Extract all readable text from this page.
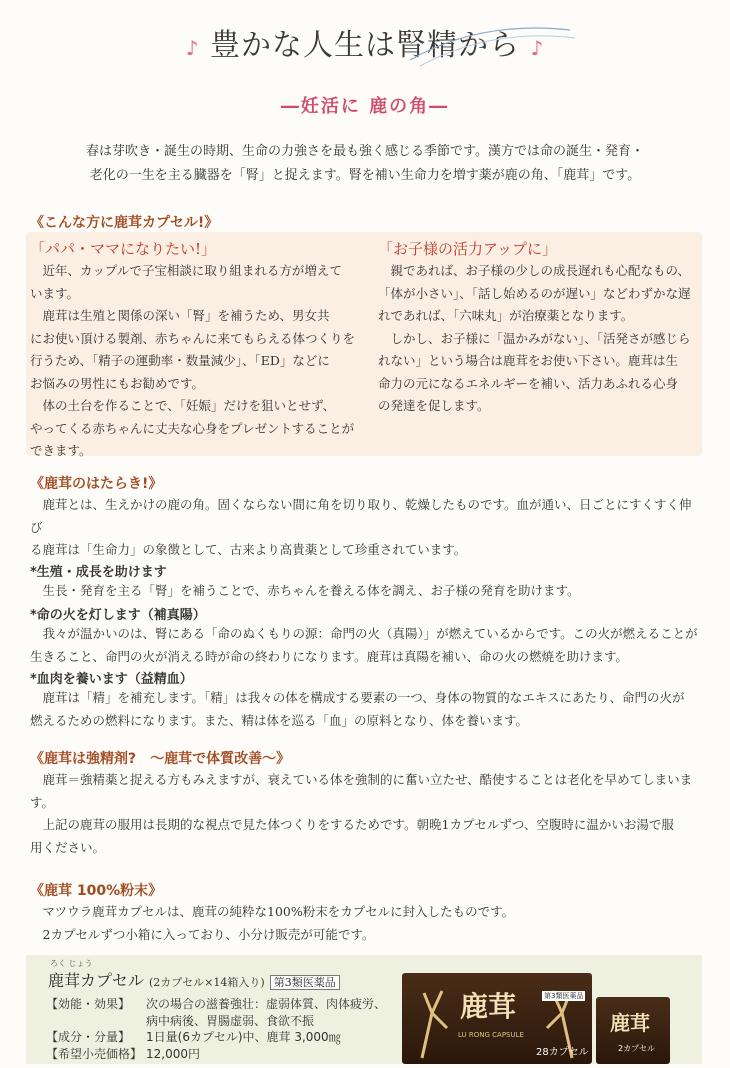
♪ 豊かな人生は腎精から ♪
―妊活に 鹿の角―
春は芽吹き・誕生の時期、生命の力強さを最も強く感じる季節です。漢方では命の誕生・発育・
老化の一生を主る臓器を「腎」と捉えます。腎を補い生命力を増す薬が鹿の角、「鹿茸」です。
《こんな方に鹿茸カプセル!》
「パパ・ママになりたい!」
　近年、カップルで子宝相談に取り組まれる方が増えて
います。
　鹿茸は生殖と関係の深い「腎」を補うため、男女共
にお使い頂ける製剤、赤ちゃんに来てもらえる体つくりを
行うため、「精子の運動率・数量減少」、「ED」などに
お悩みの男性にもお勧めです。
　体の土台を作ることで、「妊娠」だけを狙いとせず、
やってくる赤ちゃんに丈夫な心身をプレゼントすることが
できます。
「お子様の活力アップに」
　親であれば、お子様の少しの成長遅れも心配なもの、
「体が小さい」、「話し始めるのが遅い」などわずかな遅
れであれば、「六味丸」が治療薬となります。
　しかし、お子様に「温かみがない」、「活発さが感じら
れない」という場合は鹿茸をお使い下さい。鹿茸は生
命力の元になるエネルギーを補い、活力あふれる心身
の発達を促します。
《鹿茸のはたらき!》
　鹿茸とは、生えかけの鹿の角。固くならない間に角を切り取り、乾燥したものです。血が通い、日ごとにすくすく伸び
る鹿茸は「生命力」の象徴として、古来より高貴薬として珍重されています。
*生殖・成長を助けます
　生長・発育を主る「腎」を補うことで、赤ちゃんを養える体を調え、お子様の発育を助けます。
*命の火を灯します（補真陽）
　我々が温かいのは、腎にある「命のぬくもりの源：命門の火（真陽）」が燃えているからです。この火が燃えることが
生きること、命門の火が消える時が命の終わりになります。鹿茸は真陽を補い、命の火の燃焼を助けます。
*血肉を養います（益精血）
　鹿茸は「精」を補充します。「精」は我々の体を構成する要素の一つ、身体の物質的なエキスにあたり、命門の火が
燃えるための燃料になります。また、精は体を巡る「血」の原料となり、体を養います。
《鹿茸は強精剤?　～鹿茸で体質改善～》
　鹿茸＝強精薬と捉える方もみえますが、衰えている体を強制的に奮い立たせ、酷使することは老化を早めてしまいま
す。
　上記の鹿茸の服用は長期的な視点で見た体つくりをするためです。朝晩1カプセルずつ、空腹時に温かいお湯で服
用ください。
《鹿茸 100%粉末》
　マツウラ鹿茸カプセルは、鹿茸の純粋な100%粉末をカプセルに封入したものです。
　2カプセルずつ小箱に入っており、小分け販売が可能です。
ろく じょう
鹿茸カプセル (2カプセル×14箱入り) 第3類医薬品
【効能・効果】 次の場合の滋養強壮：虚弱体質、肉体疲労、
病中病後、胃腸虚弱、食欲不振
【成分・分量】 1日量(6カプセル)中、鹿茸 3,000㎎
【希望小売価格】 12,000円
鹿茸
LU RONG CAPSULE
28カプセル
第3類医薬品
鹿茸
2カプセル
